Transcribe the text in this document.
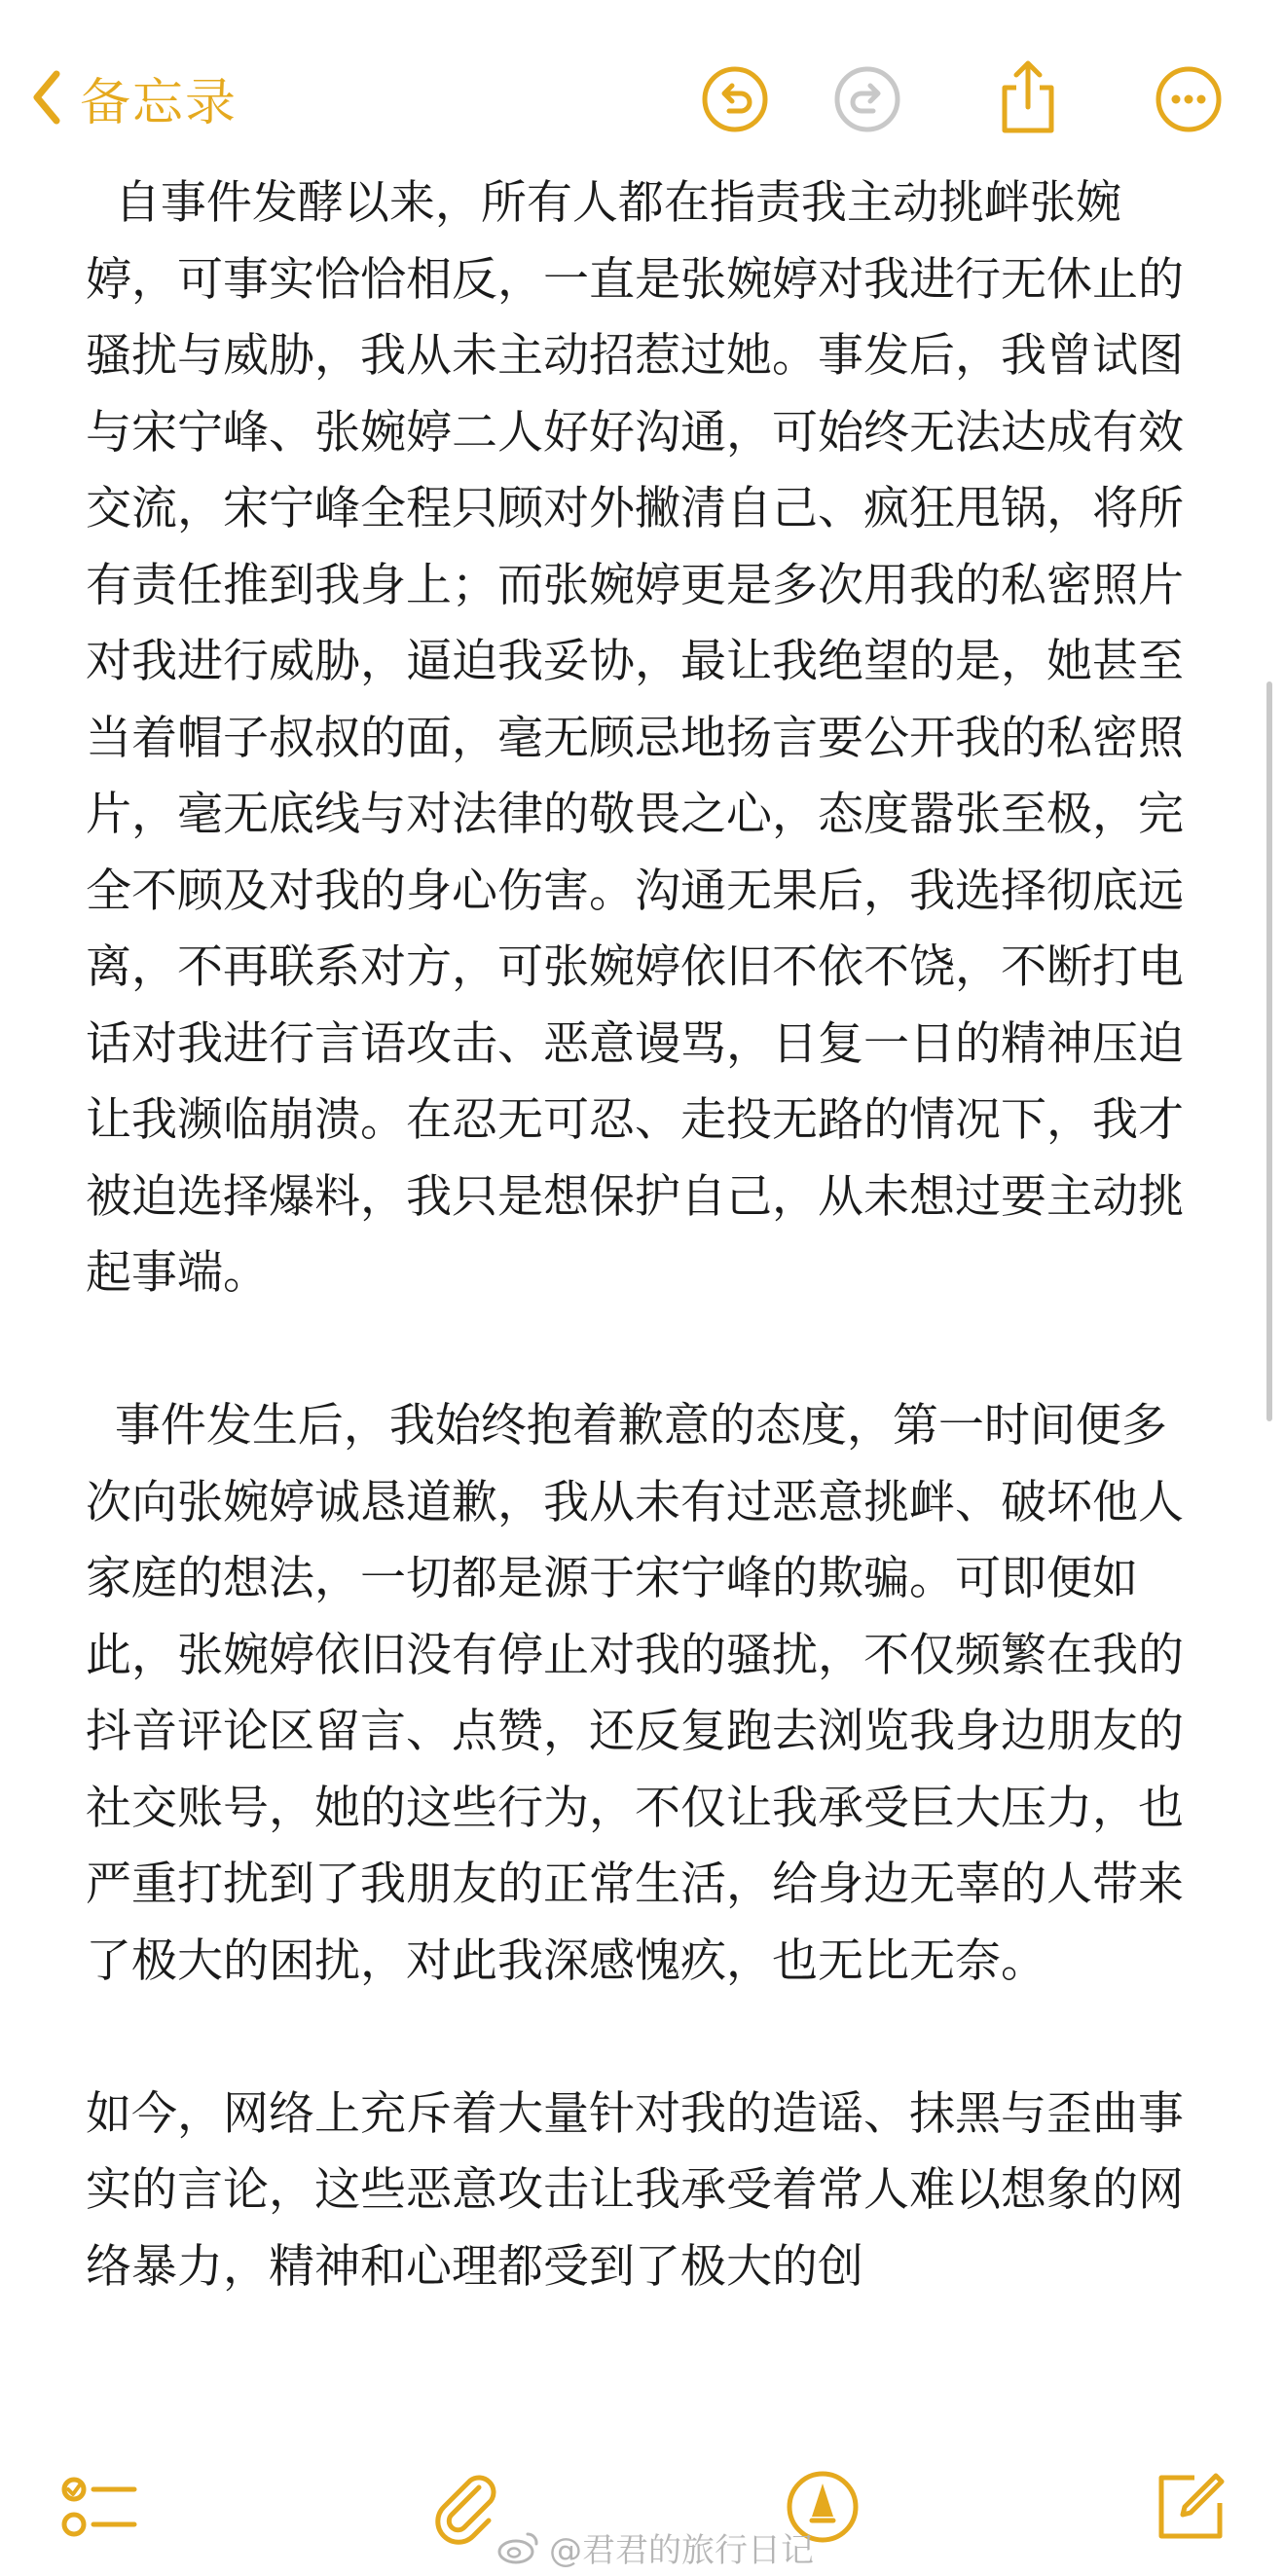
备忘录

自事件发酵以来，所有人都在指责我主动挑衅张婉婷，可事实恰恰相反，一直是张婉婷对我进行无休止的骚扰与威胁，我从未主动招惹过她。事发后，我曾试图与宋宁峰、张婉婷二人好好沟通，可始终无法达成有效交流，宋宁峰全程只顾对外撇清自己、疯狂甩锅，将所有责任推到我身上；而张婉婷更是多次用我的私密照片对我进行威胁，逼迫我妥协，最让我绝望的是，她甚至当着帽子叔叔的面，毫无顾忌地扬言要公开我的私密照片，毫无底线与对法律的敬畏之心，态度嚣张至极，完全不顾及对我的身心伤害。沟通无果后，我选择彻底远离，不再联系对方，可张婉婷依旧不依不饶，不断打电话对我进行言语攻击、恶意谩骂，日复一日的精神压迫让我濒临崩溃。在忍无可忍、走投无路的情况下，我才被迫选择爆料，我只是想保护自己，从未想过要主动挑起事端。

事件发生后，我始终抱着歉意的态度，第一时间便多次向张婉婷诚恳道歉，我从未有过恶意挑衅、破坏他人家庭的想法，一切都是源于宋宁峰的欺骗。可即便如此，张婉婷依旧没有停止对我的骚扰，不仅频繁在我的抖音评论区留言、点赞，还反复跑去浏览我身边朋友的社交账号，她的这些行为，不仅让我承受巨大压力，也严重打扰到了我朋友的正常生活，给身边无辜的人带来了极大的困扰，对此我深感愧疚，也无比无奈。

如今，网络上充斥着大量针对我的造谣、抹黑与歪曲事实的言论，这些恶意攻击让我承受着常人难以想象的网络暴力，精神和心理都受到了极大的创

@君君的旅行日记
